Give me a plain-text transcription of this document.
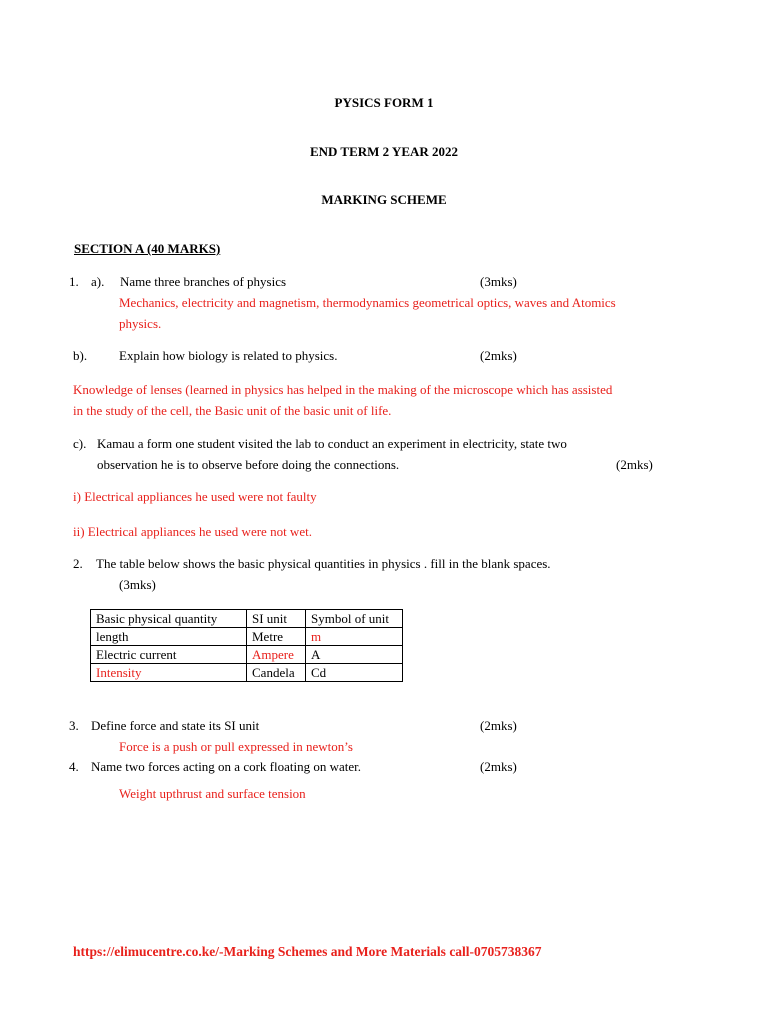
PYSICS FORM 1
END TERM 2 YEAR 2022
MARKING SCHEME
SECTION A (40 MARKS)
1. a). Name three branches of physics	(3mks)
Mechanics, electricity and magnetism, thermodynamics geometrical optics, waves and Atomics
physics.
b). Explain how biology is related to physics.	(2mks)
Knowledge of lenses (learned in physics has helped in the making of the microscope which has assisted
in the study of the cell, the Basic unit of the basic unit of life.
c). Kamau a form one student visited the lab to conduct an experiment in electricity, state two
observation he is to observe before doing the connections.	(2mks)
i) Electrical appliances he used were not faulty
ii) Electrical appliances he used were not wet.
2. The table below shows the basic physical quantities in physics . fill in the blank spaces.
(3mks)
Basic physical quantity	SI unit	Symbol of unit
length	Metre	m
Electric current	Ampere	A
Intensity	Candela	Cd
3. Define force and state its SI unit	(2mks)
Force is a push or pull expressed in newton’s
4. Name two forces acting on a cork floating on water.	(2mks)
Weight upthrust and surface tension
https://elimucentre.co.ke/-Marking Schemes and More Materials call-0705738367
